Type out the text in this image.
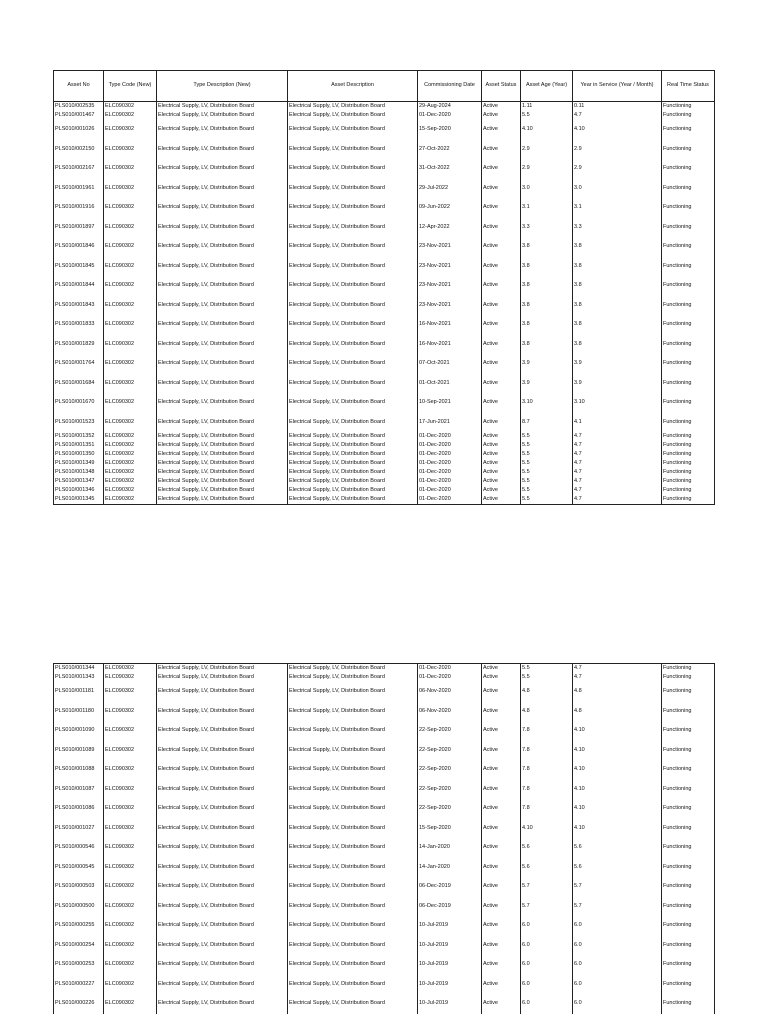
Asset No	Type Code (New)	Type Description (New)	Asset Description	Commissioning Date	Asset Status	Asset Age (Year)	Year in Service (Year / Month)	Real Time Status
PLS010/002535	ELC090302	Electrical Supply, LV, Distribution Board	Electrical Supply, LV, Distribution Board	29-Aug-2024	Active	1.11	0.11	Functioning
PLS010/001467	ELC090302	Electrical Supply, LV, Distribution Board	Electrical Supply, LV, Distribution Board	01-Dec-2020	Active	5.5	4.7	Functioning
PLS010/001026	ELC090302	Electrical Supply, LV, Distribution Board	Electrical Supply, LV, Distribution Board	15-Sep-2020	Active	4.10	4.10	Functioning
PLS010/002150	ELC090302	Electrical Supply, LV, Distribution Board	Electrical Supply, LV, Distribution Board	27-Oct-2022	Active	2.9	2.9	Functioning
PLS010/002167	ELC090302	Electrical Supply, LV, Distribution Board	Electrical Supply, LV, Distribution Board	31-Oct-2022	Active	2.9	2.9	Functioning
PLS010/001961	ELC090302	Electrical Supply, LV, Distribution Board	Electrical Supply, LV, Distribution Board	29-Jul-2022	Active	3.0	3.0	Functioning
PLS010/001916	ELC090302	Electrical Supply, LV, Distribution Board	Electrical Supply, LV, Distribution Board	09-Jun-2022	Active	3.1	3.1	Functioning
PLS010/001897	ELC090302	Electrical Supply, LV, Distribution Board	Electrical Supply, LV, Distribution Board	12-Apr-2022	Active	3.3	3.3	Functioning
PLS010/001846	ELC090302	Electrical Supply, LV, Distribution Board	Electrical Supply, LV, Distribution Board	23-Nov-2021	Active	3.8	3.8	Functioning
PLS010/001845	ELC090302	Electrical Supply, LV, Distribution Board	Electrical Supply, LV, Distribution Board	23-Nov-2021	Active	3.8	3.8	Functioning
PLS010/001844	ELC090302	Electrical Supply, LV, Distribution Board	Electrical Supply, LV, Distribution Board	23-Nov-2021	Active	3.8	3.8	Functioning
PLS010/001843	ELC090302	Electrical Supply, LV, Distribution Board	Electrical Supply, LV, Distribution Board	23-Nov-2021	Active	3.8	3.8	Functioning
PLS010/001833	ELC090302	Electrical Supply, LV, Distribution Board	Electrical Supply, LV, Distribution Board	16-Nov-2021	Active	3.8	3.8	Functioning
PLS010/001829	ELC090302	Electrical Supply, LV, Distribution Board	Electrical Supply, LV, Distribution Board	16-Nov-2021	Active	3.8	3.8	Functioning
PLS010/001764	ELC090302	Electrical Supply, LV, Distribution Board	Electrical Supply, LV, Distribution Board	07-Oct-2021	Active	3.9	3.9	Functioning
PLS010/001684	ELC090302	Electrical Supply, LV, Distribution Board	Electrical Supply, LV, Distribution Board	01-Oct-2021	Active	3.9	3.9	Functioning
PLS010/001670	ELC090302	Electrical Supply, LV, Distribution Board	Electrical Supply, LV, Distribution Board	10-Sep-2021	Active	3.10	3.10	Functioning
PLS010/001523	ELC090302	Electrical Supply, LV, Distribution Board	Electrical Supply, LV, Distribution Board	17-Jun-2021	Active	8.7	4.1	Functioning
PLS010/001352	ELC090302	Electrical Supply, LV, Distribution Board	Electrical Supply, LV, Distribution Board	01-Dec-2020	Active	5.5	4.7	Functioning
PLS010/001351	ELC090302	Electrical Supply, LV, Distribution Board	Electrical Supply, LV, Distribution Board	01-Dec-2020	Active	5.5	4.7	Functioning
PLS010/001350	ELC090302	Electrical Supply, LV, Distribution Board	Electrical Supply, LV, Distribution Board	01-Dec-2020	Active	5.5	4.7	Functioning
PLS010/001349	ELC090302	Electrical Supply, LV, Distribution Board	Electrical Supply, LV, Distribution Board	01-Dec-2020	Active	5.5	4.7	Functioning
PLS010/001348	ELC090302	Electrical Supply, LV, Distribution Board	Electrical Supply, LV, Distribution Board	01-Dec-2020	Active	5.5	4.7	Functioning
PLS010/001347	ELC090302	Electrical Supply, LV, Distribution Board	Electrical Supply, LV, Distribution Board	01-Dec-2020	Active	5.5	4.7	Functioning
PLS010/001346	ELC090302	Electrical Supply, LV, Distribution Board	Electrical Supply, LV, Distribution Board	01-Dec-2020	Active	5.5	4.7	Functioning
PLS010/001345	ELC090302	Electrical Supply, LV, Distribution Board	Electrical Supply, LV, Distribution Board	01-Dec-2020	Active	5.5	4.7	Functioning
PLS010/001344	ELC090302	Electrical Supply, LV, Distribution Board	Electrical Supply, LV, Distribution Board	01-Dec-2020	Active	5.5	4.7	Functioning
PLS010/001343	ELC090302	Electrical Supply, LV, Distribution Board	Electrical Supply, LV, Distribution Board	01-Dec-2020	Active	5.5	4.7	Functioning
PLS010/001181	ELC090302	Electrical Supply, LV, Distribution Board	Electrical Supply, LV, Distribution Board	06-Nov-2020	Active	4.8	4.8	Functioning
PLS010/001180	ELC090302	Electrical Supply, LV, Distribution Board	Electrical Supply, LV, Distribution Board	06-Nov-2020	Active	4.8	4.8	Functioning
PLS010/001090	ELC090302	Electrical Supply, LV, Distribution Board	Electrical Supply, LV, Distribution Board	22-Sep-2020	Active	7.8	4.10	Functioning
PLS010/001089	ELC090302	Electrical Supply, LV, Distribution Board	Electrical Supply, LV, Distribution Board	22-Sep-2020	Active	7.8	4.10	Functioning
PLS010/001088	ELC090302	Electrical Supply, LV, Distribution Board	Electrical Supply, LV, Distribution Board	22-Sep-2020	Active	7.8	4.10	Functioning
PLS010/001087	ELC090302	Electrical Supply, LV, Distribution Board	Electrical Supply, LV, Distribution Board	22-Sep-2020	Active	7.8	4.10	Functioning
PLS010/001086	ELC090302	Electrical Supply, LV, Distribution Board	Electrical Supply, LV, Distribution Board	22-Sep-2020	Active	7.8	4.10	Functioning
PLS010/001027	ELC090302	Electrical Supply, LV, Distribution Board	Electrical Supply, LV, Distribution Board	15-Sep-2020	Active	4.10	4.10	Functioning
PLS010/000546	ELC090302	Electrical Supply, LV, Distribution Board	Electrical Supply, LV, Distribution Board	14-Jan-2020	Active	5.6	5.6	Functioning
PLS010/000545	ELC090302	Electrical Supply, LV, Distribution Board	Electrical Supply, LV, Distribution Board	14-Jan-2020	Active	5.6	5.6	Functioning
PLS010/000503	ELC090302	Electrical Supply, LV, Distribution Board	Electrical Supply, LV, Distribution Board	06-Dec-2019	Active	5.7	5.7	Functioning
PLS010/000500	ELC090302	Electrical Supply, LV, Distribution Board	Electrical Supply, LV, Distribution Board	06-Dec-2019	Active	5.7	5.7	Functioning
PLS010/000255	ELC090302	Electrical Supply, LV, Distribution Board	Electrical Supply, LV, Distribution Board	10-Jul-2019	Active	6.0	6.0	Functioning
PLS010/000254	ELC090302	Electrical Supply, LV, Distribution Board	Electrical Supply, LV, Distribution Board	10-Jul-2019	Active	6.0	6.0	Functioning
PLS010/000253	ELC090302	Electrical Supply, LV, Distribution Board	Electrical Supply, LV, Distribution Board	10-Jul-2019	Active	6.0	6.0	Functioning
PLS010/000227	ELC090302	Electrical Supply, LV, Distribution Board	Electrical Supply, LV, Distribution Board	10-Jul-2019	Active	6.0	6.0	Functioning
PLS010/000226	ELC090302	Electrical Supply, LV, Distribution Board	Electrical Supply, LV, Distribution Board	10-Jul-2019	Active	6.0	6.0	Functioning
